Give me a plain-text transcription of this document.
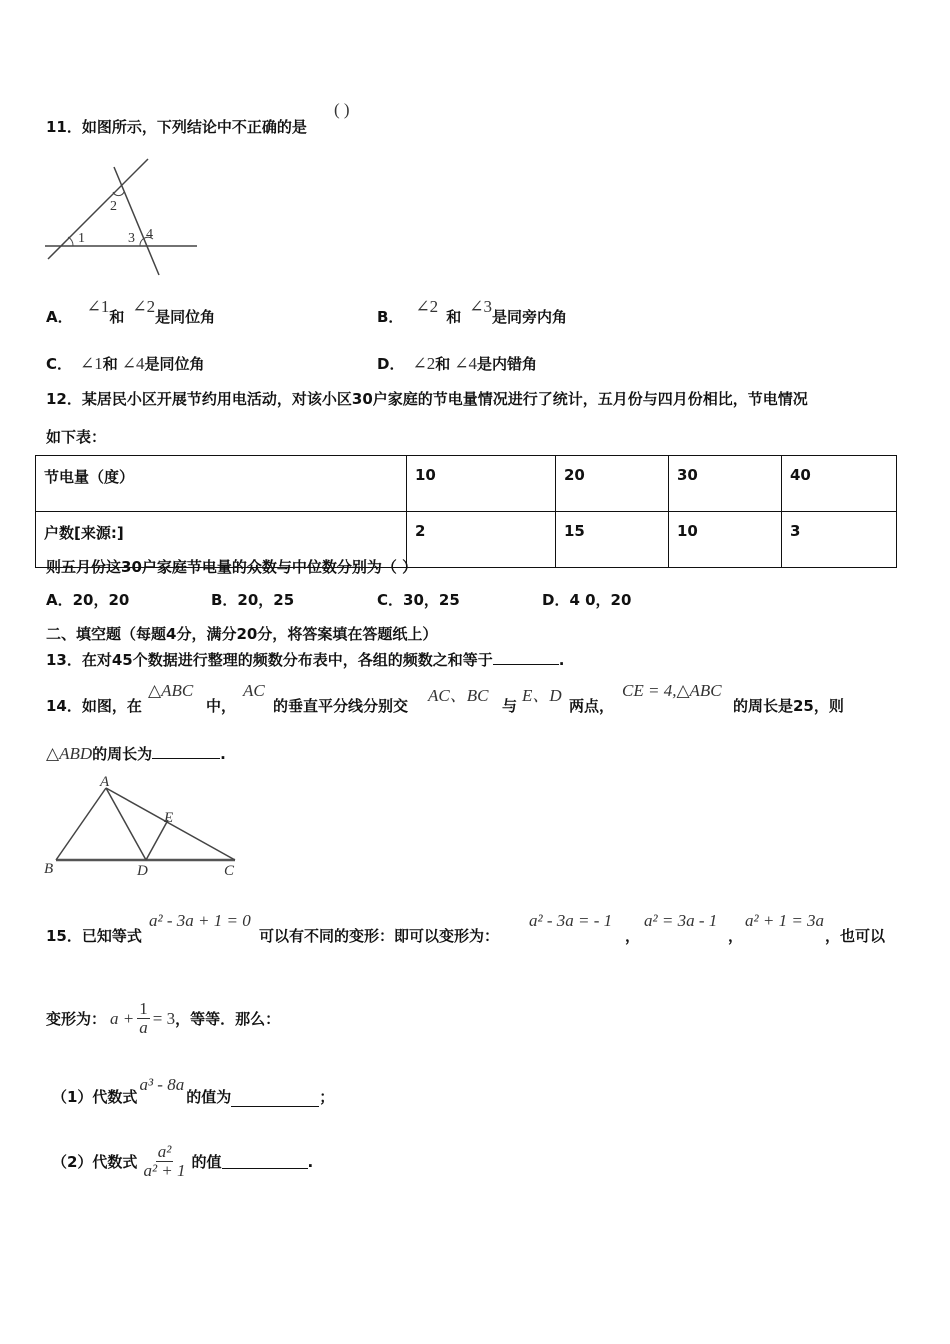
11．如图所示，下列结论中不正确的是
( )
1
2
3 4
A．∠1和∠2是同位角	B．∠2和∠3是同旁内角
C． ∠1和 ∠4是同位角	D． ∠2和 ∠4是内错角
12．某居民小区开展节约用电活动，对该小区30户家庭的节电量情况进行了统计，五月份与四月份相比，节电情况
如下表：
节电量（度）	10	20	30	40
户数[来源:]	2	15	10	3
则五月份这30户家庭节电量的众数与中位数分别为（ ）
A．20，20	B．20，25	C．30，25	D．4 0，20
二、填空题（每题4分，满分20分，将答案填在答题纸上）
13．在对45个数据进行整理的频数分布表中，各组的频数之和等于	.
14．如图，在
△ABC
中，
AC
的垂直平分线分别交
AC、BC
与
E、D
两点，
CE = 4,△ABC
的周长是25，则
△ABD的周长为	.
A
E
B	D	C
15．已知等式
a² - 3a + 1 = 0
可以有不同的变形：即可以变形为：
a² - 3a = - 1
，
a² = 3a - 1
，
a² + 1 = 3a
，也可以
变形为： $a + \frac{1}{a} = 3$ ，等等．那么：
（1）代数式
a³ - 8a
的值为	；
（2）代数式 $\frac{\text{a²}}{\text{a² + 1}}$ 的值	.
